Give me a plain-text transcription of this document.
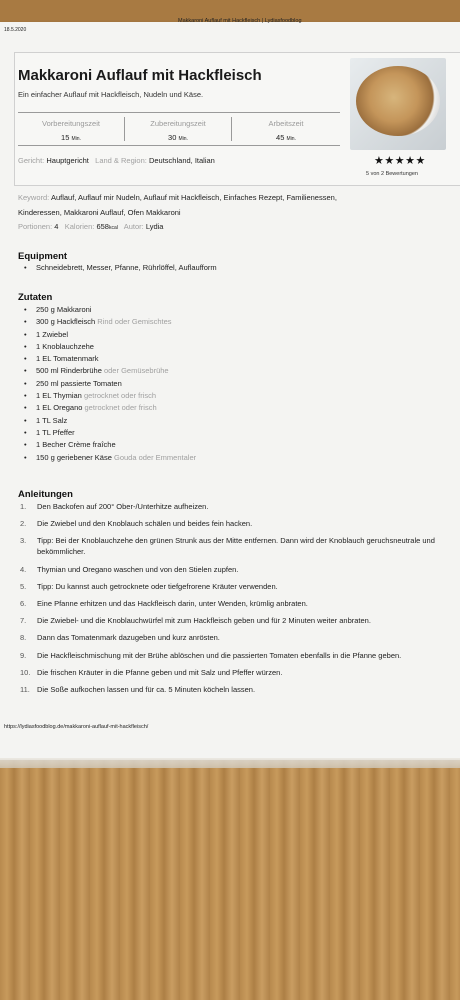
18.5.2020
Makkaroni Auflauf mit Hackfleisch | Lydiasfoodblog
Makkaroni Auflauf mit Hackfleisch
Ein einfacher Auflauf mit Hackfleisch, Nudeln und Käse.
★★★★★
5 von 2 Bewertungen
Vorbereitungszeit
15 Min.
Zubereitungszeit
30 Min.
Arbeitszeit
45 Min.
Gericht: Hauptgericht Land & Region: Deutschland, Italian
Keyword: Auflauf, Auflauf mir Nudeln, Auflauf mit Hackfleisch, Einfaches Rezept, Familienessen,
Kinderessen, Makkaroni Auflauf, Ofen Makkaroni
Portionen: 4 Kalorien: 658kcal Autor: Lydia
Equipment
• Schneidebrett, Messer, Pfanne, Rührlöffel, Auflaufform
Zutaten
• 250 g Makkaroni
• 300 g Hackfleisch Rind oder Gemischtes
• 1 Zwiebel
• 1 Knoblauchzehe
• 1 EL Tomatenmark
• 500 ml Rinderbrühe oder Gemüsebrühe
• 250 ml passierte Tomaten
• 1 EL Thymian getrocknet oder frisch
• 1 EL Oregano getrocknet oder frisch
• 1 TL Salz
• 1 TL Pfeffer
• 1 Becher Crème fraîche
• 150 g geriebener Käse Gouda oder Emmentaler
Anleitungen
1. Den Backofen auf 200° Ober-/Unterhitze aufheizen.
2. Die Zwiebel und den Knoblauch schälen und beides fein hacken.
3. Tipp: Bei der Knoblauchzehe den grünen Strunk aus der Mitte entfernen. Dann wird der Knoblauch geruchsneutrale und bekömmlicher.
4. Thymian und Oregano waschen und von den Stielen zupfen.
5. Tipp: Du kannst auch getrocknete oder tiefgefrorene Kräuter verwenden.
6. Eine Pfanne erhitzen und das Hackfleisch darin, unter Wenden, krümlig anbraten.
7. Die Zwiebel- und die Knoblauchwürfel mit zum Hackfleisch geben und für 2 Minuten weiter anbraten.
8. Dann das Tomatenmark dazugeben und kurz anrösten.
9. Die Hackfleischmischung mit der Brühe ablöschen und die passierten Tomaten ebenfalls in die Pfanne geben.
10. Die frischen Kräuter in die Pfanne geben und mit Salz und Pfeffer würzen.
11. Die Soße aufkochen lassen und für ca. 5 Minuten köcheln lassen.
https://lydiasfoodblog.de/makkaroni-auflauf-mit-hackfleisch/
